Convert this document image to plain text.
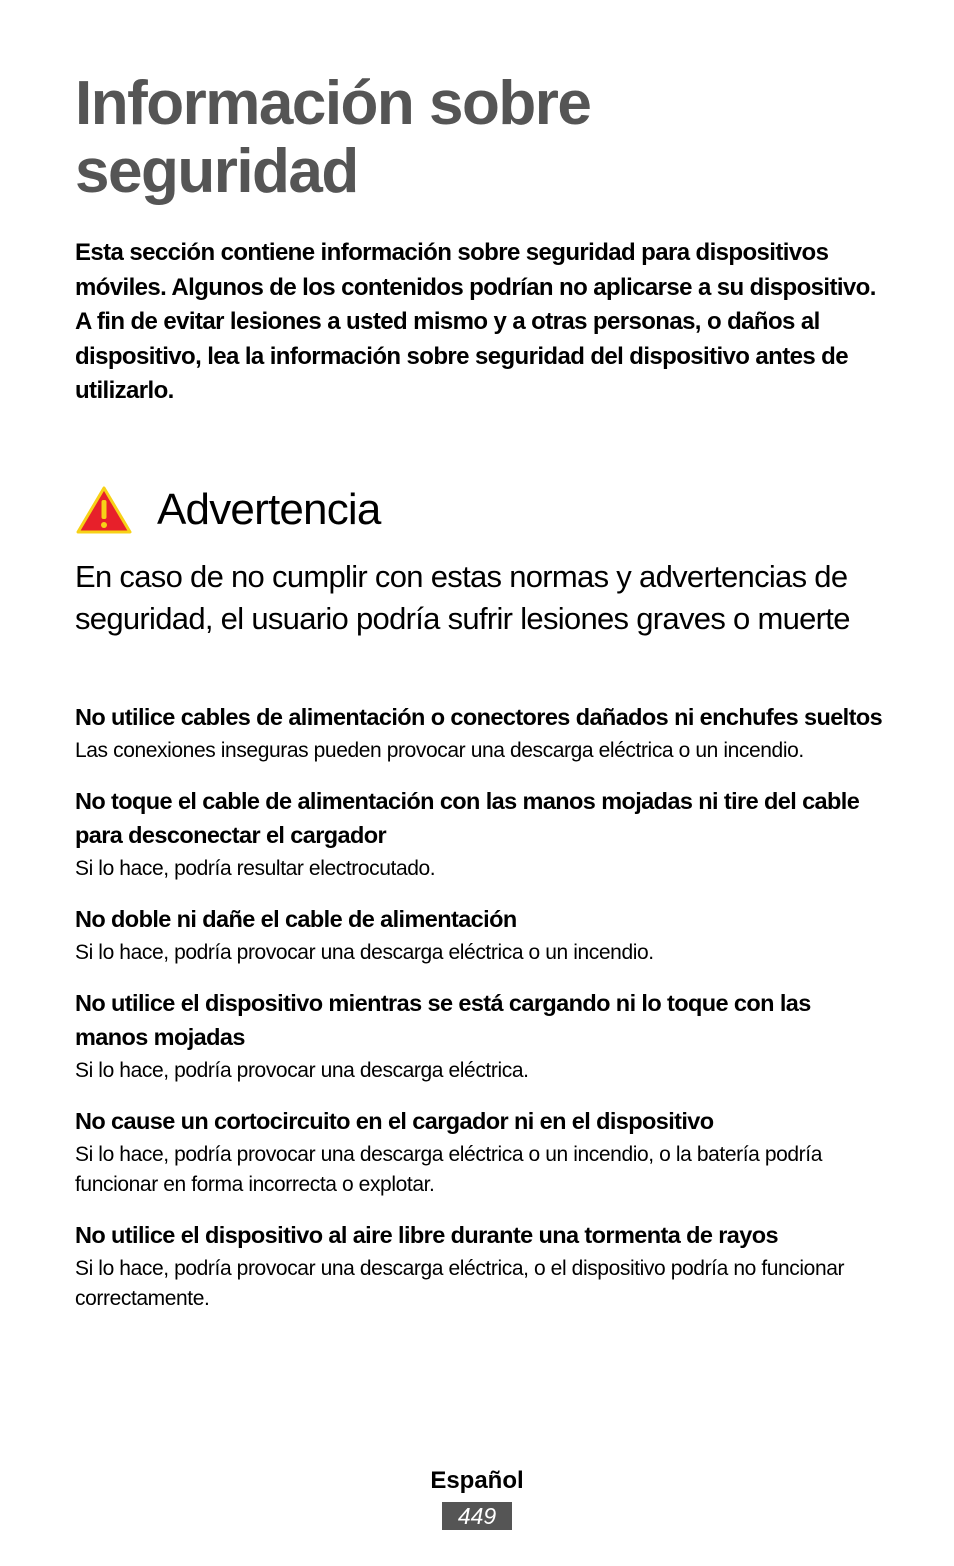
Información sobre seguridad

Esta sección contiene información sobre seguridad para dispositivos móviles. Algunos de los contenidos podrían no aplicarse a su dispositivo. A fin de evitar lesiones a usted mismo y a otras personas, o daños al dispositivo, lea la información sobre seguridad del dispositivo antes de utilizarlo.

Advertencia

En caso de no cumplir con estas normas y advertencias de seguridad, el usuario podría sufrir lesiones graves o muerte

No utilice cables de alimentación o conectores dañados ni enchufes sueltos

Las conexiones inseguras pueden provocar una descarga eléctrica o un incendio.

No toque el cable de alimentación con las manos mojadas ni tire del cable para desconectar el cargador

Si lo hace, podría resultar electrocutado.

No doble ni dañe el cable de alimentación

Si lo hace, podría provocar una descarga eléctrica o un incendio.

No utilice el dispositivo mientras se está cargando ni lo toque con las manos mojadas

Si lo hace, podría provocar una descarga eléctrica.

No cause un cortocircuito en el cargador ni en el dispositivo

Si lo hace, podría provocar una descarga eléctrica o un incendio, o la batería podría funcionar en forma incorrecta o explotar.

No utilice el dispositivo al aire libre durante una tormenta de rayos

Si lo hace, podría provocar una descarga eléctrica, o el dispositivo podría no funcionar correctamente.

Español
449
